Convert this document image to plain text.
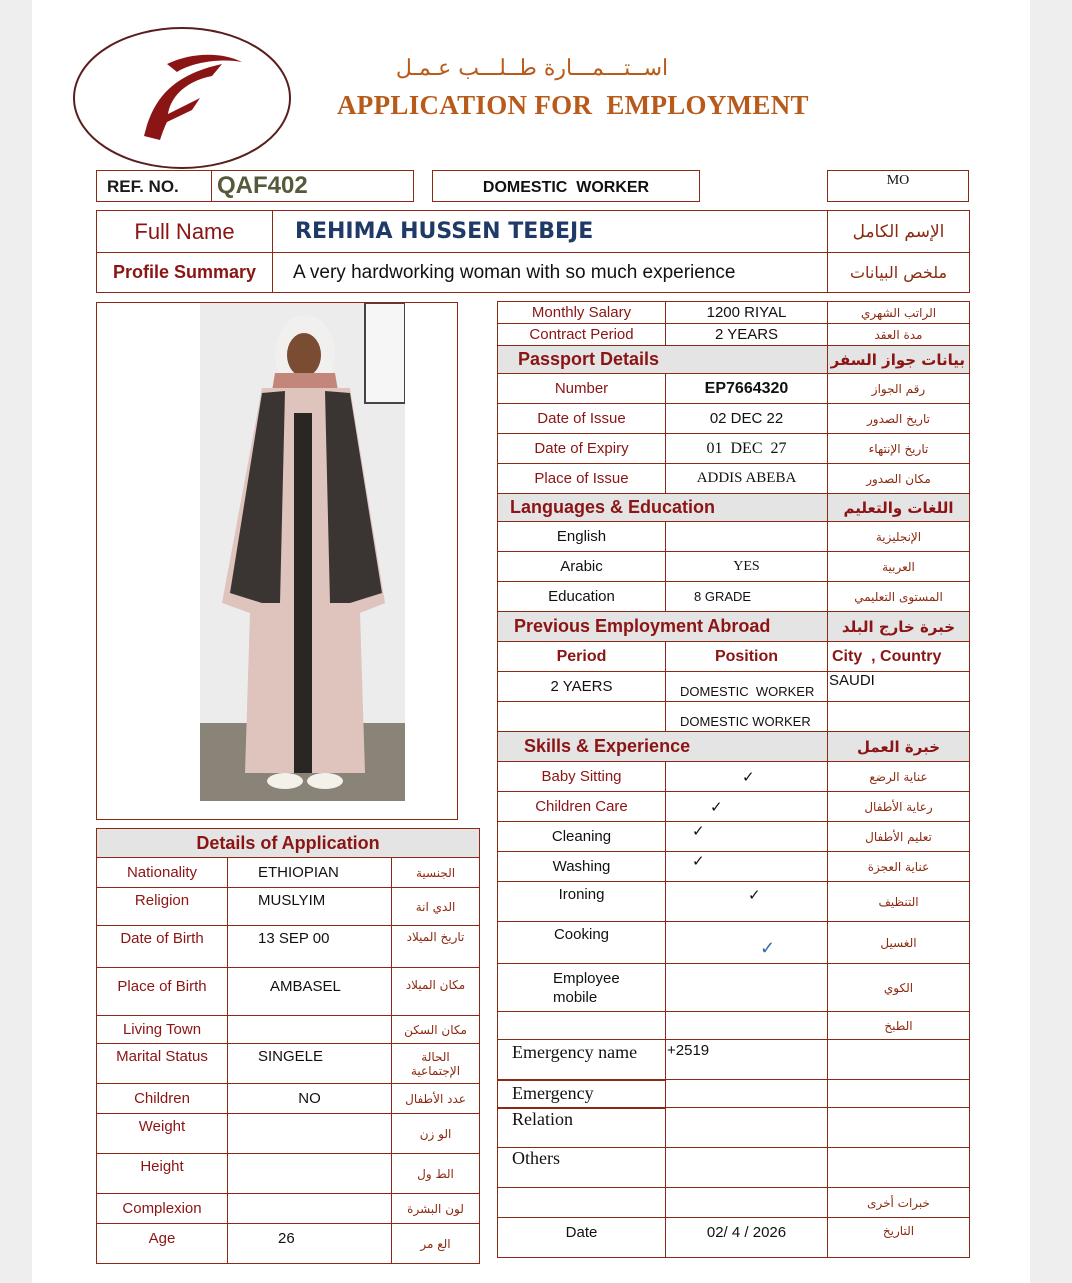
اســتـــمـــارة طــلـــب عـمـل
APPLICATION FOR  EMPLOYMENT
REF. NO. QAF402	DOMESTIC  WORKER	MO
Full Name	REHIMA HUSSEN TEBEJE	الإسم الكامل
Profile Summary	A very hardworking woman with so much experience	ملخص البيانات
Monthly Salary	1200 RIYAL	الراتب الشهري
Contract Period	2 YEARS	مدة العقد
Passport Details		بيانات جواز السفر
Number	EP7664320	رقم الجواز
Date of Issue	02 DEC 22	تاريخ الصدور
Date of Expiry	01  DEC  27	تاريخ الإنتهاء
Place of Issue	ADDIS ABEBA	مكان الصدور
Languages & Education		اللغات والتعليم
English		الإنجليزية
Arabic	YES	العربية
Education	8 GRADE	المستوى التعليمي
Previous Employment Abroad		خبرة خارج البلد
Period	Position	City  , Country
2 YAERS	DOMESTIC  WORKER	SAUDI
	DOMESTIC WORKER	
Skills & Experience		خبرة العمل
Baby Sitting	✓	عناية الرضع
Children Care	✓	رعاية الأطفال
Cleaning	✓	تعليم الأطفال
Washing	✓	عناية العجزة
Ironing	✓	التنظيف
Cooking	✓	الغسيل

Employee
mobile		الكوي
		الطبخ
Emergency name	+2519	
Emergency		
Relation		
Others		
		خبرات أخرى
Date	02/ 4 / 2026	التاريخ
Details of Application		
Nationality	ETHIOPIAN	الجنسية
Religion	MUSLYIM	الدي انة
Date of Birth	13 SEP 00	تاريخ الميلاد
Place of Birth	AMBASEL	مكان الميلاد
Living Town		مكان السكن
Marital Status	SINGELE	الحالة الإجتماعية
Children	NO	عدد الأطفال
Weight		الو زن
Height		الط ول
Complexion		لون البشرة
Age	26	الع مر
